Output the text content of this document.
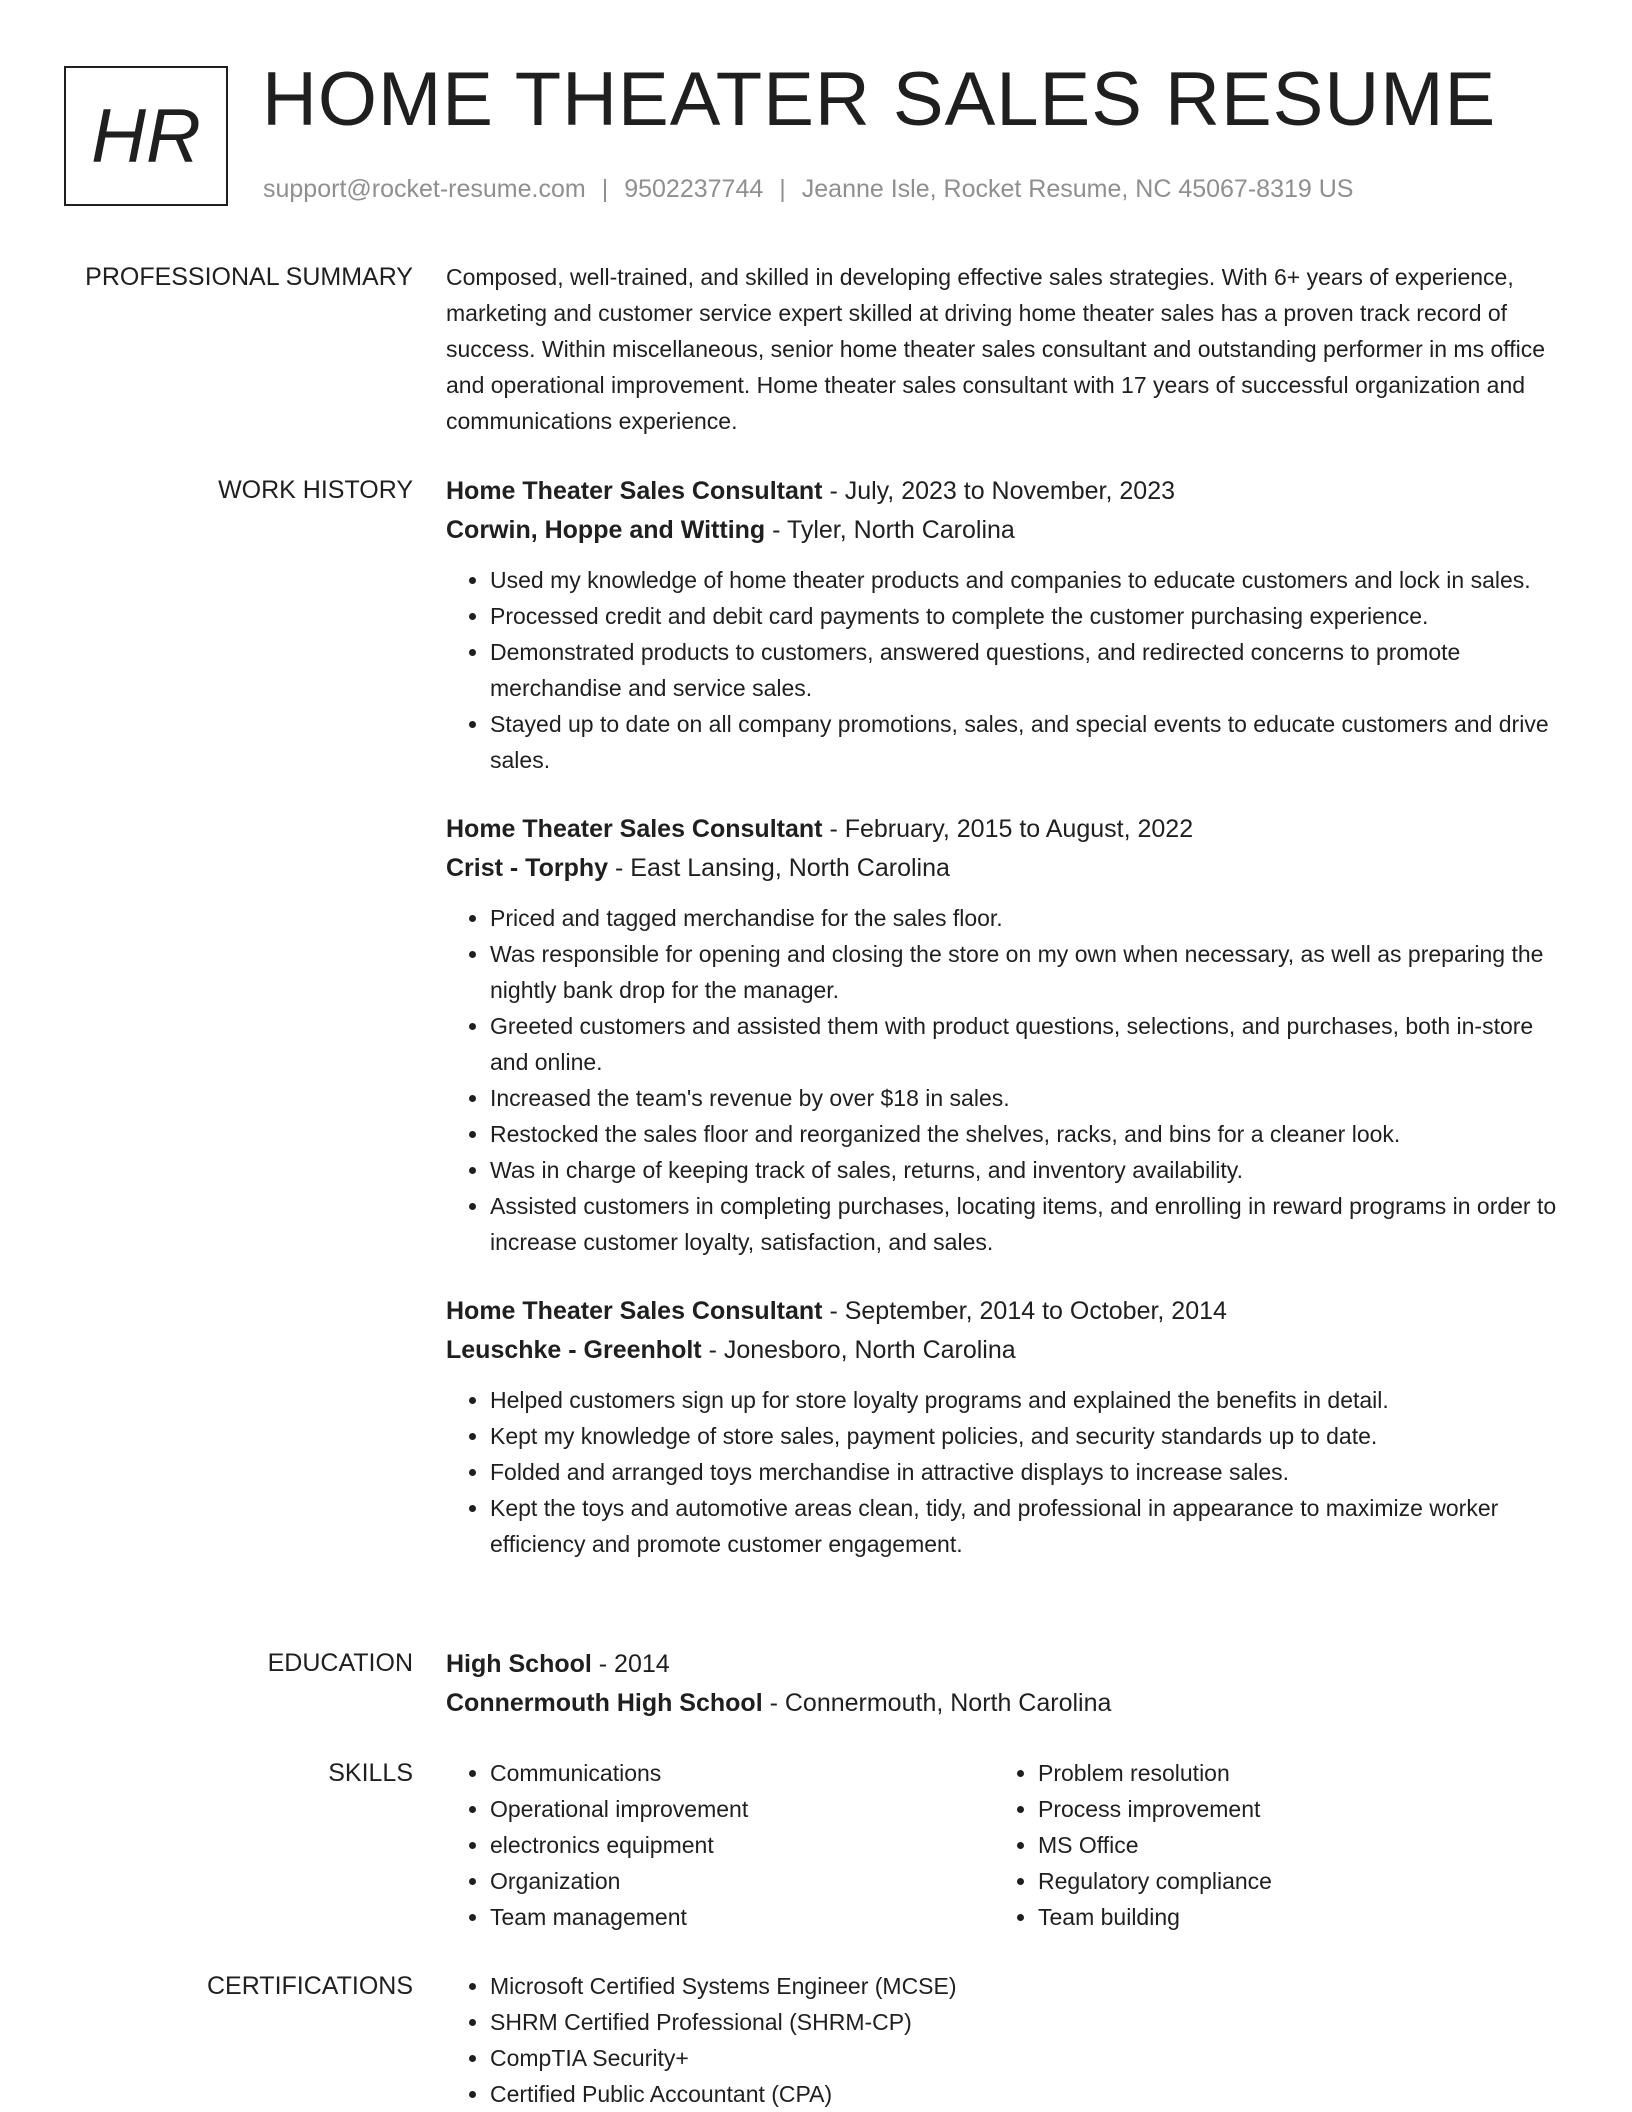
HR HOME THEATER SALES RESUME
support@rocket-resume.com | 9502237744 | Jeanne Isle, Rocket Resume, NC 45067-8319 US
PROFESSIONAL SUMMARY Composed, well-trained, and skilled in developing effective sales strategies. With 6+ years of experience, marketing and customer service expert skilled at driving home theater sales has a proven track record of success. Within miscellaneous, senior home theater sales consultant and outstanding performer in ms office and operational improvement. Home theater sales consultant with 17 years of successful organization and communications experience.

WORK HISTORY Home Theater Sales Consultant - July, 2023 to November, 2023
Corwin, Hoppe and Witting - Tyler, North Carolina
• Used my knowledge of home theater products and companies to educate customers and lock in sales.
• Processed credit and debit card payments to complete the customer purchasing experience.
• Demonstrated products to customers, answered questions, and redirected concerns to promote merchandise and service sales.
• Stayed up to date on all company promotions, sales, and special events to educate customers and drive sales.
Home Theater Sales Consultant - February, 2015 to August, 2022
Crist - Torphy - East Lansing, North Carolina
• Priced and tagged merchandise for the sales floor.
• Was responsible for opening and closing the store on my own when necessary, as well as preparing the nightly bank drop for the manager.
• Greeted customers and assisted them with product questions, selections, and purchases, both in-store and online.
• Increased the team's revenue by over $18 in sales.
• Restocked the sales floor and reorganized the shelves, racks, and bins for a cleaner look.
• Was in charge of keeping track of sales, returns, and inventory availability.
• Assisted customers in completing purchases, locating items, and enrolling in reward programs in order to increase customer loyalty, satisfaction, and sales.
Home Theater Sales Consultant - September, 2014 to October, 2014
Leuschke - Greenholt - Jonesboro, North Carolina
• Helped customers sign up for store loyalty programs and explained the benefits in detail.
• Kept my knowledge of store sales, payment policies, and security standards up to date.
• Folded and arranged toys merchandise in attractive displays to increase sales.
• Kept the toys and automotive areas clean, tidy, and professional in appearance to maximize worker efficiency and promote customer engagement.
EDUCATION High School - 2014
Connermouth High School - Connermouth, North Carolina
SKILLS	• Communications
• Operational improvement
• electronics equipment
• Organization
• Team management
• Problem resolution
• Process improvement
• MS Office
• Regulatory compliance
• Team building
CERTIFICATIONS	• Microsoft Certified Systems Engineer (MCSE)
• SHRM Certified Professional (SHRM-CP)
• CompTIA Security+
• Certified Public Accountant (CPA)
